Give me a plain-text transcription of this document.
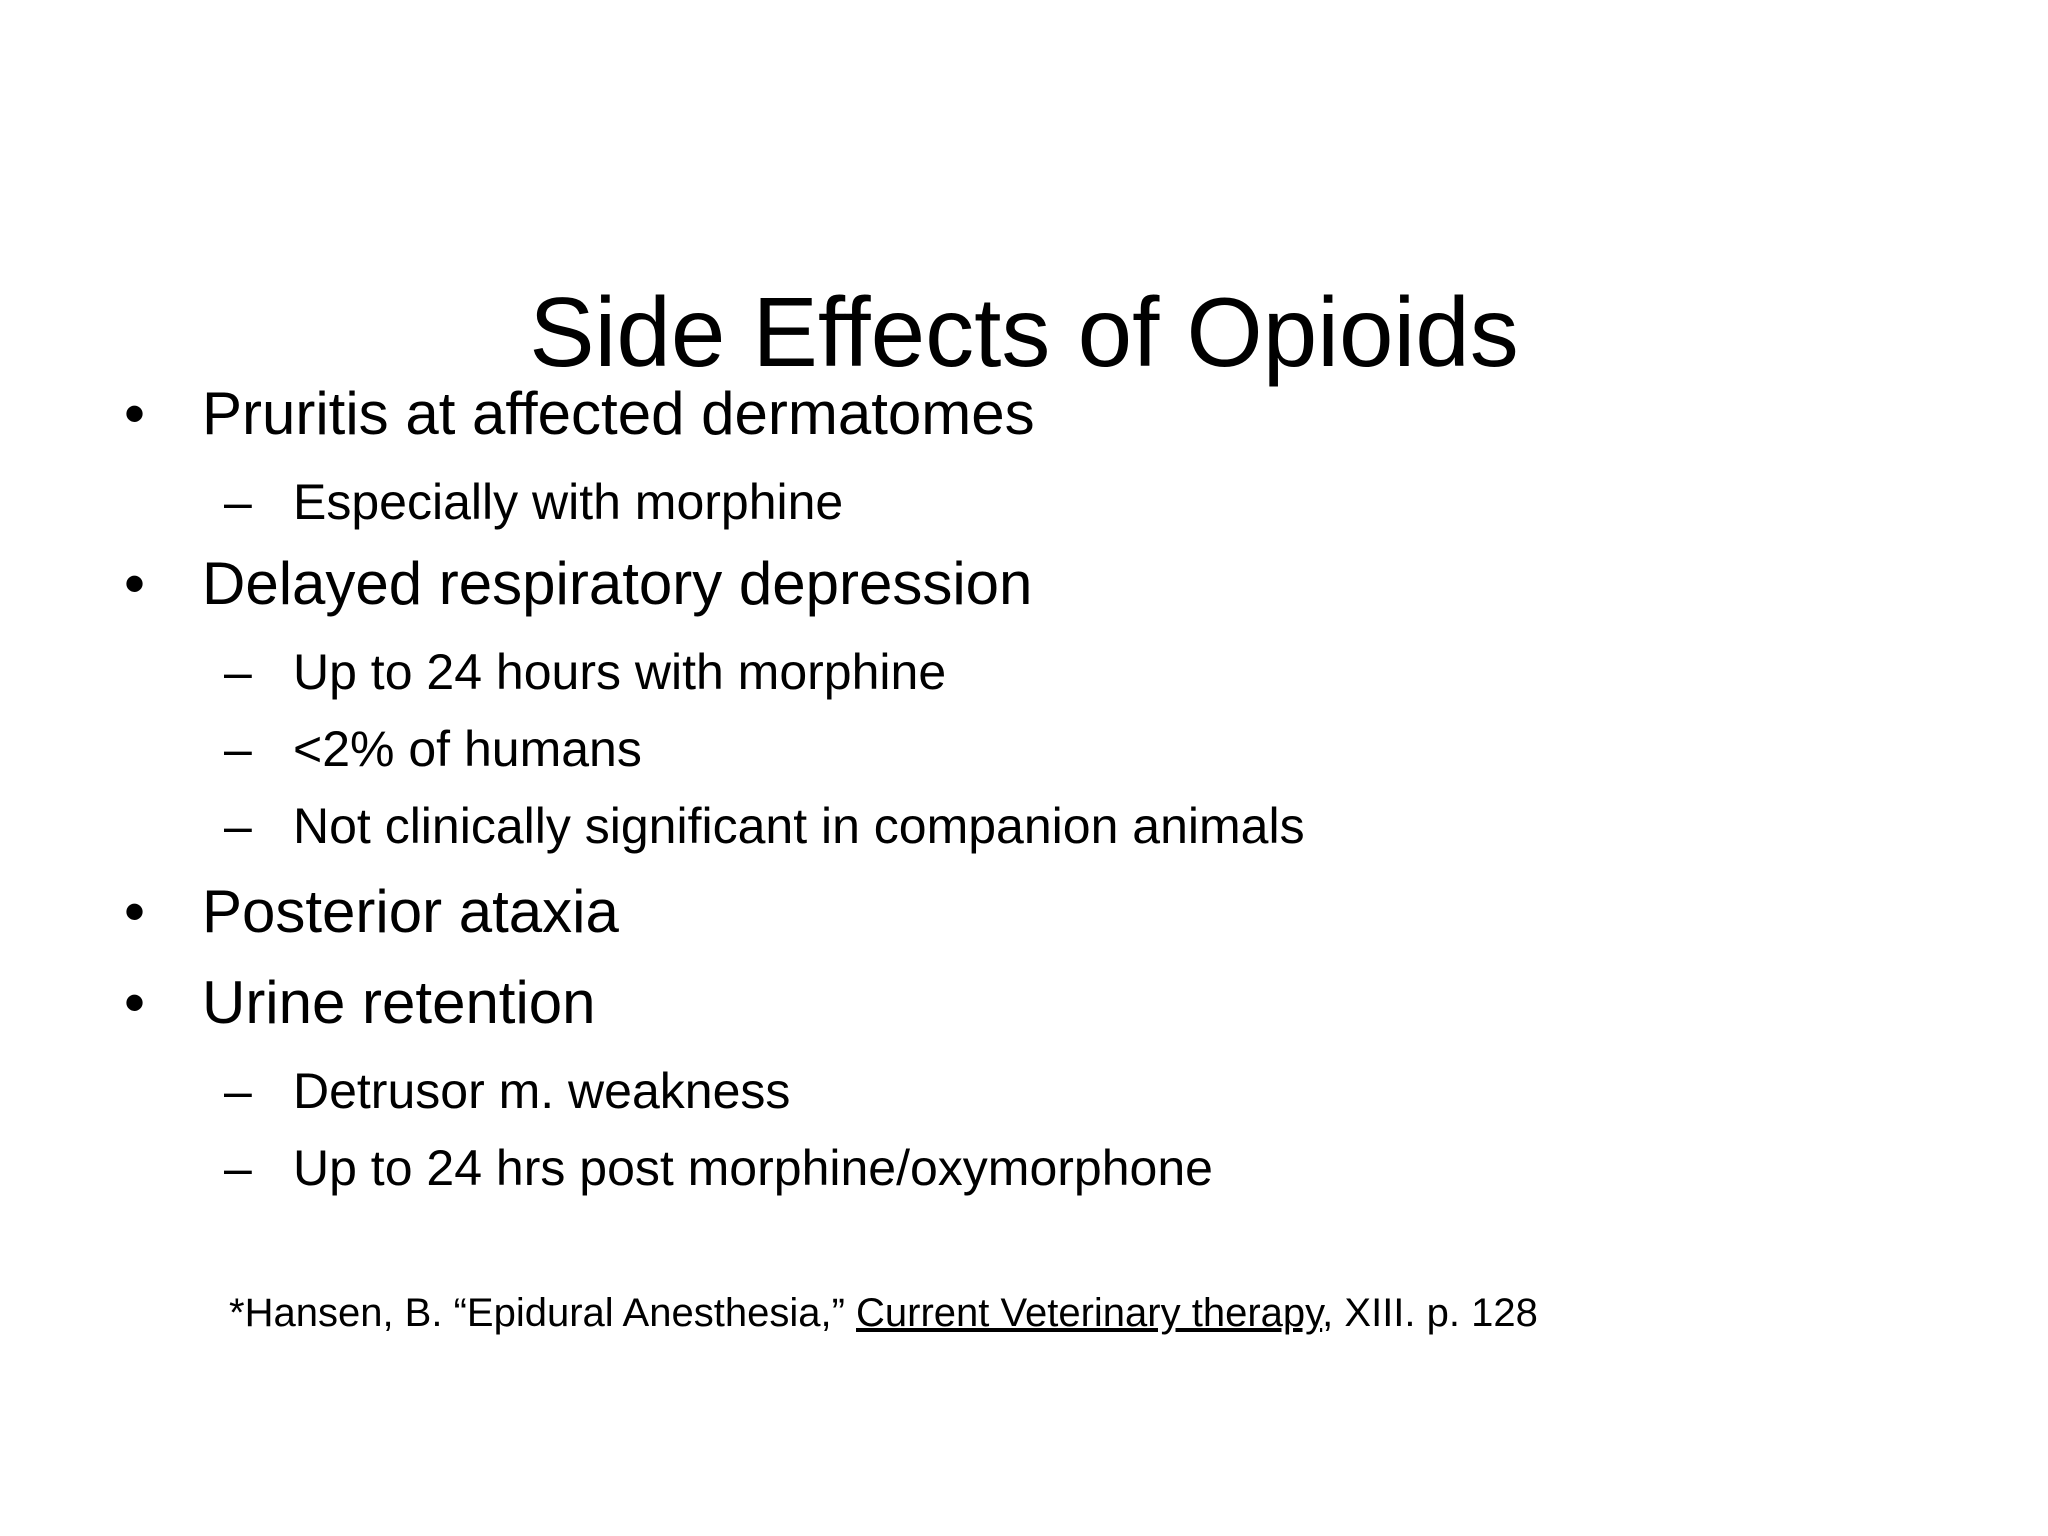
Side Effects of Opioids
• Pruritis at affected dermatomes
– Especially with morphine
• Delayed respiratory depression
– Up to 24 hours with morphine
– <2% of humans
– Not clinically significant in companion animals
• Posterior ataxia
• Urine retention
– Detrusor m. weakness
– Up to 24 hrs post morphine/oxymorphone
*Hansen, B. “Epidural Anesthesia,” Current Veterinary therapy, XIII. p. 128
